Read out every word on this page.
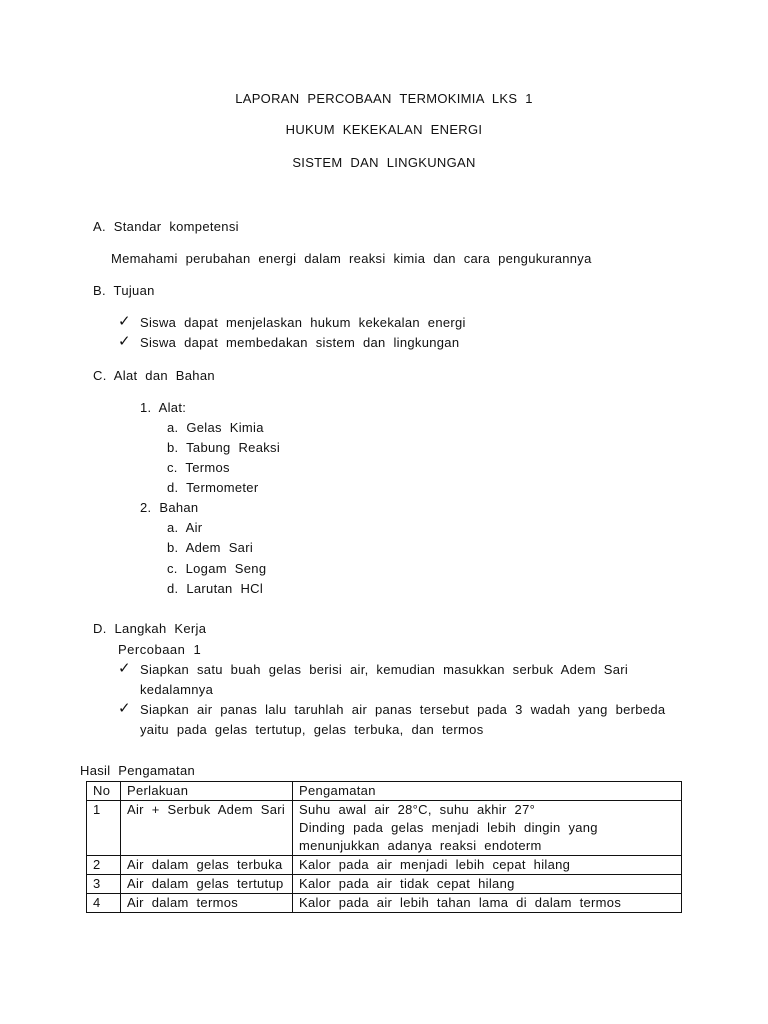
LAPORAN PERCOBAAN TERMOKIMIA LKS 1
HUKUM KEKEKALAN ENERGI
SISTEM DAN LINGKUNGAN
A. Standar kompetensi
Memahami perubahan energi dalam reaksi kimia dan cara pengukurannya
B. Tujuan
✓ Siswa dapat menjelaskan hukum kekekalan energi
✓ Siswa dapat membedakan sistem dan lingkungan
C. Alat dan Bahan
1. Alat:
a. Gelas Kimia
b. Tabung Reaksi
c. Termos
d. Termometer
2. Bahan
a. Air
b. Adem Sari
c. Logam Seng
d. Larutan HCl
D. Langkah Kerja
Percobaan 1
✓ Siapkan satu buah gelas berisi air, kemudian masukkan serbuk Adem Sari
kedalamnya
✓ Siapkan air panas lalu taruhlah air panas tersebut pada 3 wadah yang berbeda
yaitu pada gelas tertutup, gelas terbuka, dan termos
Hasil Pengamatan
No	Perlakuan	Pengamatan
1	Air + Serbuk Adem Sari	Suhu awal air 28°C, suhu akhir 27°
Dinding pada gelas menjadi lebih dingin yang
menunjukkan adanya reaksi endoterm

2	Air dalam gelas terbuka	Kalor pada air menjadi lebih cepat hilang
3	Air dalam gelas tertutup	Kalor pada air tidak cepat hilang
4	Air dalam termos	Kalor pada air lebih tahan lama di dalam termos
